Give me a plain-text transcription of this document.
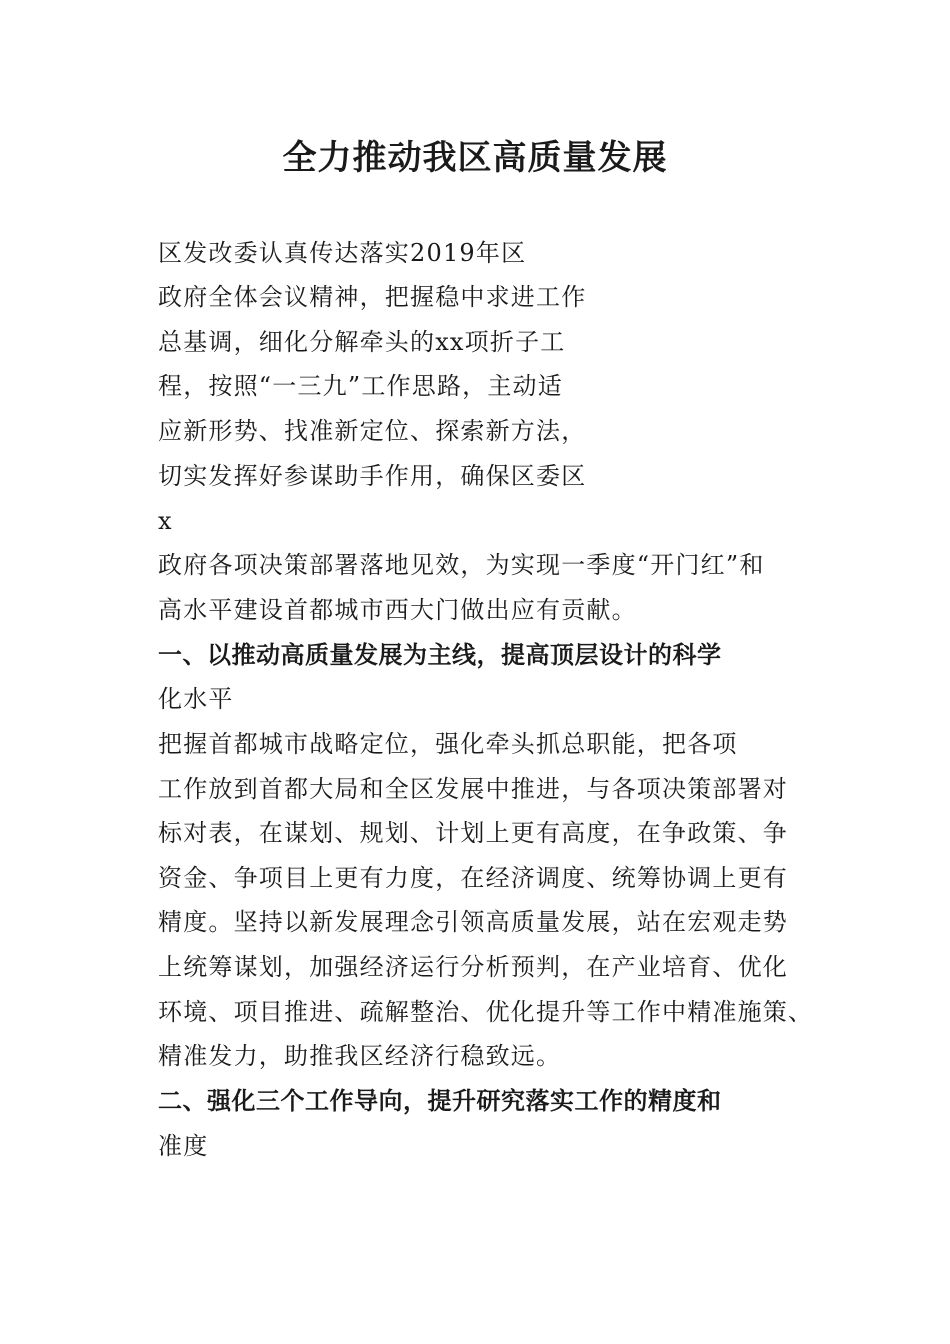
全力推动我区高质量发展
区发改委认真传达落实2019年区
政府全体会议精神，把握稳中求进工作
总基调，细化分解牵头的xx项折子工
程，按照“一三九”工作思路，主动适
应新形势、找准新定位、探索新方法，
切实发挥好参谋助手作用，确保区委区
x
政府各项决策部署落地见效，为实现一季度“开门红”和
高水平建设首都城市西大门做出应有贡献。
一、以推动高质量发展为主线，提高顶层设计的科学
化水平
把握首都城市战略定位，强化牵头抓总职能，把各项
工作放到首都大局和全区发展中推进，与各项决策部署对
标对表，在谋划、规划、计划上更有高度，在争政策、争
资金、争项目上更有力度，在经济调度、统筹协调上更有
精度。坚持以新发展理念引领高质量发展，站在宏观走势
上统筹谋划，加强经济运行分析预判，在产业培育、优化
环境、项目推进、疏解整治、优化提升等工作中精准施策、
精准发力，助推我区经济行稳致远。
二、强化三个工作导向，提升研究落实工作的精度和
准度
